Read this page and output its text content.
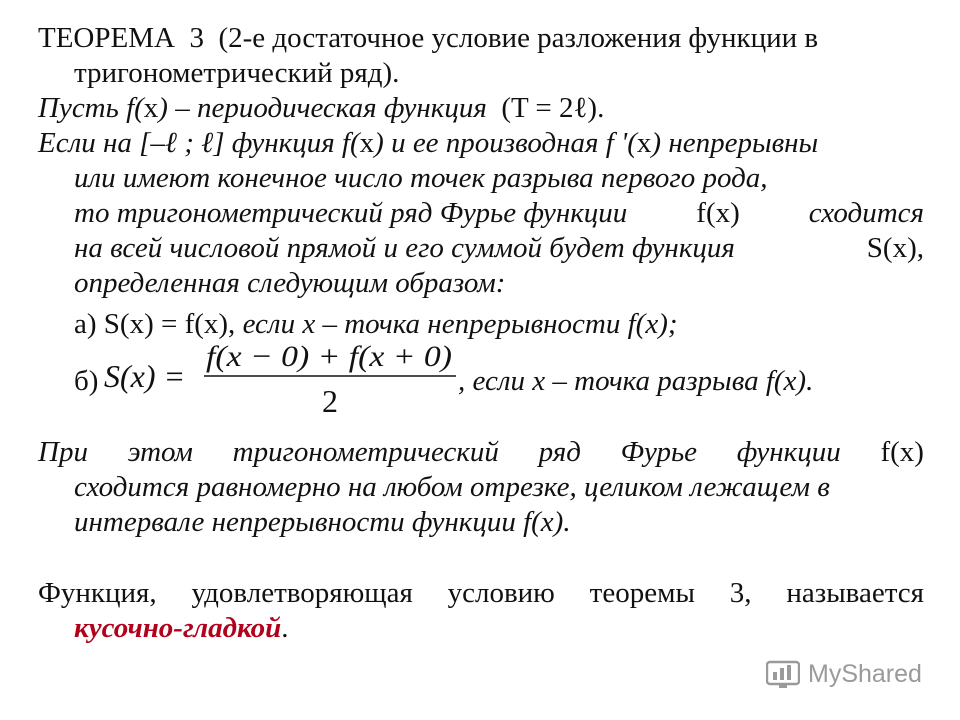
ТЕОРЕМА 3 (2-е достаточное условие разложения функции в
тригонометрический ряд).
Пусть f(x) – периодическая функция (T = 2ℓ).
Если на [–ℓ ; ℓ] функция f(x) и ее производная f '(x) непрерывны
или имеют конечное число точек разрыва первого рода,
то тригонометрический ряд Фурье функции f(x) сходится
на всей числовой прямой и его суммой будет функция	S(x),
определенная следующим образом:
а) S(x) = f(x), если x – точка непрерывности f(x);
б) S(x) =
f(x − 0) + f(x + 0)
2
, если x – точка разрыва f(x).
При этом тригонометрический ряд Фурье функции f(x)
сходится равномерно на любом отрезке, целиком лежащем в
интервале непрерывности функции f(x).
Функция, удовлетворяющая условию теоремы 3, называется
кусочно-гладкой.
MyShared
